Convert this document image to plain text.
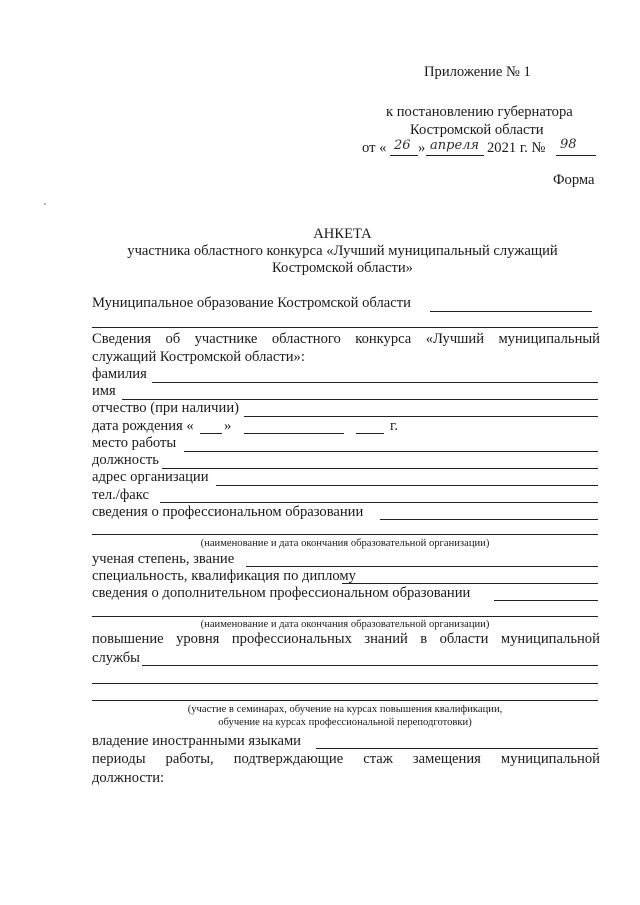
Приложение № 1
к постановлению губернатора
Костромской области
от « 26 » апреля 2021 г. № 98
Форма
АНКЕТА
участника областного конкурса «Лучший муниципальный служащий
Костромской области»
Муниципальное образование Костромской области
Сведения об участнике областного конкурса «Лучший муниципальный
служащий Костромской области»:
фамилия
имя
отчество (при наличии)
дата рождения « »	г.
место работы
должность
адрес организации
тел./факс
сведения о профессиональном образовании
(наименование и дата окончания образовательной организации)
ученая степень, звание
специальность, квалификация по диплому
сведения о дополнительном профессиональном образовании
(наименование и дата окончания образовательной организации)
повышение уровня профессиональных знаний в области муниципальной
службы
(участие в семинарах, обучение на курсах повышения квалификации,
обучение на курсах профессиональной переподготовки)
владение иностранными языками
периоды работы, подтверждающие стаж замещения муниципальной
должности:
